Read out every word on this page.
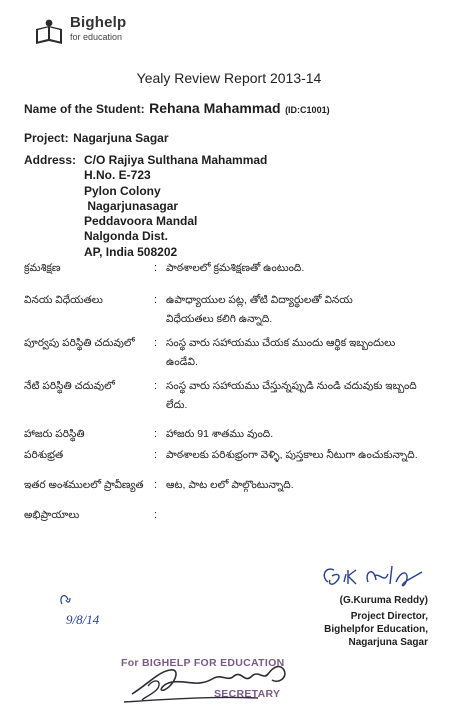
Bighelp
for education
Yealy Review Report 2013-14
Name of the Student: Rehana Mahammad (ID:C1001)
Project: Nagarjuna Sagar
Address: C/O Rajiya Sulthana Mahammad
H.No. E-723
Pylon Colony
Nagarjunasagar
Peddavoora Mandal
Nalgonda Dist.
AP, India 508202
క్రమశిక్షణ	: పాఠశాలలో క్రమశిక్షణతో ఉంటుంది.
వినయ విధేయతలు	: ఉపాధ్యాయుల పట్ల, తోటి విద్యార్థులతో వినయ
విధేయతలు కలిగి ఉన్నాది.
పూర్వపు పరిస్థితి చదువులో : సంస్థ వారు సహాయము చేయక ముందు ఆర్థిక ఇబ్బందులు
ఉండేవి.
నేటి పరిస్థితి చదువులో	: సంస్థ వారు సహాయము చేస్తున్నప్పుడి నుండి చదువుకు ఇబ్బంది
లేదు.
హాజరు పరిస్థితి	: హాజరు 91 శాతము వుంది.
పరిశుభ్రత	: పాఠశాలకు పరిశుభ్రంగా వెళ్ళి, పుస్తకాలు నీటుగా ఉంచుకున్నాది.
ఇతర అంశములలో ప్రావీణ్యత : ఆట, పాట లలో పాల్గొంటున్నాది.
అభిప్రాయాలు	:
(G.Kuruma Reddy)
Project Director,
Bighelpfor Education,
Nagarjuna Sagar
9/8/14
For BIGHELP FOR EDUCATION
SECRETARY
